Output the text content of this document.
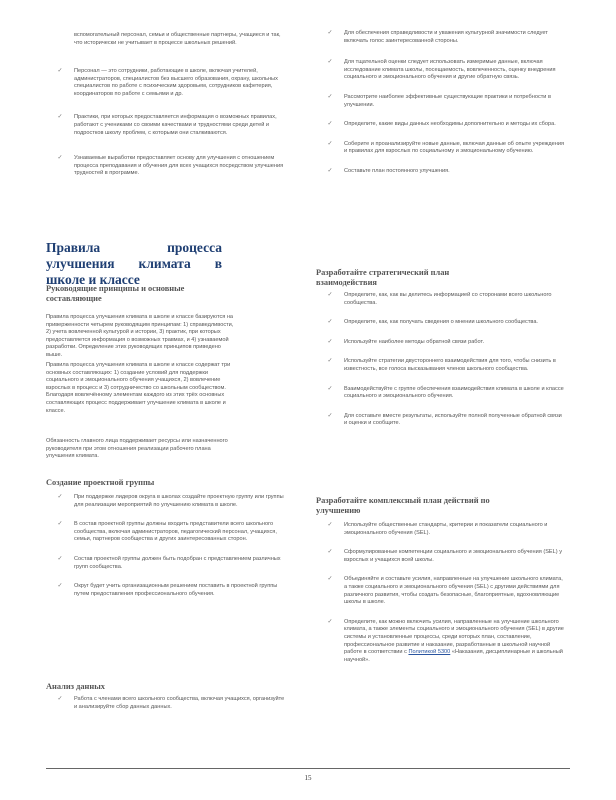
вспомогательный персонал, семьи и общественные партнеры, учащиеся и так, что исторически не учитывает в процессе школьных решений.

✓	Персонал — это сотрудники, работающие в школе, включая учителей, администраторов, специалистов без высшего образования, охрану, школьных специалистов по работе с психическим здоровьем, сотрудников кафетерия, координаторов по работе с семьями и др.
✓	Практики, при которых предоставляется информация о возможных правилах, работают с учениками со своими качествами и трудностями среди детей и подростков школу проблем, с которыми они сталкиваются.
✓	Узнаваемые выработки предоставляет основу для улучшения с отношением процесса преподавания и обучения для всех учащихся посредством улучшения трудностей в программе.
Правила процесса улучшения климата в школе и классе
Руководящие принципы и основные составляющие

Правила процесса улучшения климата в школе и классе базируются на приверженности четырем руководящим принципам: 1) справедливости, 2) учета вовлеченной культурой и истории, 3) практик, при которых предоставляется информация о возможных травмах, и 4) узнаваемой разработки. Определение этих руководящих принципов приведено выше.

Правила процесса улучшения климата в школе и классе содержат три основных составляющих: 1) создание условий для поддержки социального и эмоционального обучения учащихся, 2) вовлечение взрослых в процесс и 3) сотрудничество со школьным сообществом. Благодаря вовлечённому элементам каждого из этих трёх основных составляющих процесс поддерживает улучшение климата в школе и классе.

Обязанность главного лица поддерживает ресурсы или назначенного руководителя при этом отношения реализации рабочего плана улучшения климата.

Создание проектной группы
✓	При поддержке лидеров округа в школах создайте проектную группу или группы для реализации мероприятий по улучшению климата в школе.
✓	В состав проектной группы должны входить представители всего школьного сообщества, включая администраторов, педагогический персонал, учащихся, семьи, партнеров сообщества и других заинтересованных сторон.
✓	Состав проектной группы должен быть подобран с представлением различных групп сообщества.
✓	Округ будет учить организационным решением поставить в проектной группы путем предоставления профессионального обучения.
Анализ данных
✓	Работа с членами всего школьного сообщества, включая учащихся, организуйте и анализируйте сбор данных данных.
✓	Для обеспечения справедливости и уважения культурной значимости следует включать голос заинтересованной стороны.
✓	Для тщательной оценки следует использовать измеримые данные, включая исследование климата школы, посещаемость, вовлеченность, оценку внедрения социального и эмоционального обучения и другие обратную связь.
✓	Рассмотрите наиболее эффективные существующие практики и потребности в улучшении.
✓	Определите, какие виды данных необходимы дополнительно и методы их сбора.
✓	Соберите и проанализируйте новые данные, включая данные об опыте учреждения и правилах для взрослых по социальному и эмоциональному обучению.
✓	Составьте план постоянного улучшения.
Разработайте стратегический план взаимодействия
✓	Определите, как, как вы делитесь информацией со сторонами всего школьного сообщества.
✓	Определите, как, как получать сведения о мнении школьного сообщества.
✓	Используйте наиболее методы обратной связи работ.
✓	Используйте стратегии двустороннего взаимодействия для того, чтобы снизить в известность, все голоса высказывания членов школьного сообщества.
✓	Взаимодействуйте с группе обеспечения взаимодействия климата в школе и классе социального и эмоционального обучения.
✓	Для составьте вместе результаты, используйте полной полученные обратной связи и оценки и сообщите.
Разработайте комплексный план действий по улучшению
✓	Используйте общественные стандарты, критерии и показатели социального и эмоционального обучения (SEL).
✓	Сформулированные компетенции социального и эмоционального обучения (SEL) у взрослых и учащихся всей школы.
✓	Объединяйте и составьте усилия, направленные на улучшение школьного климата, а также социального и эмоционального обучения (SEL) с другими действиями для различного развития, чтобы создать безопасные, благоприятные, вдохновляющие школы в школе.
✓	Определите, как можно включить усилия, направленные на улучшение школьного климата, а также элементы социального и эмоционального обучения (SEL) в другие системы и установленные процессы, среди которых план, составление, профессиональное развитие и наказание, разработанные в школьной научной работе в соответствии с Политикой 5300 «Наказания, дисциплинарные и школьный научной».
15
